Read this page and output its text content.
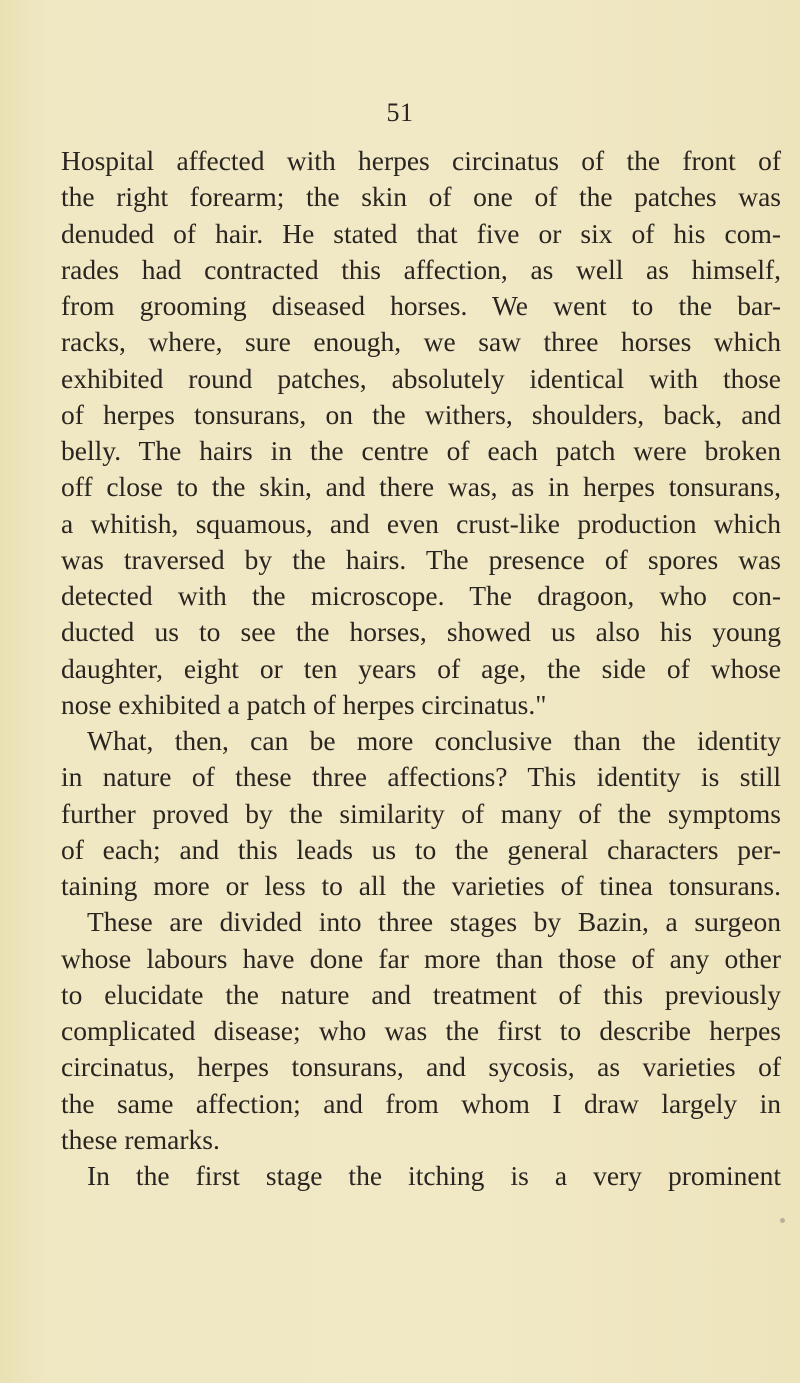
51
Hospital affected with herpes circinatus of the front of
the right forearm; the skin of one of the patches was
denuded of hair. He stated that five or six of his com-
rades had contracted this affection, as well as himself,
from grooming diseased horses. We went to the bar-
racks, where, sure enough, we saw three horses which
exhibited round patches, absolutely identical with those
of herpes tonsurans, on the withers, shoulders, back, and
belly. The hairs in the centre of each patch were broken
off close to the skin, and there was, as in herpes tonsurans,
a whitish, squamous, and even crust-like production which
was traversed by the hairs. The presence of spores was
detected with the microscope. The dragoon, who con-
ducted us to see the horses, showed us also his young
daughter, eight or ten years of age, the side of whose
nose exhibited a patch of herpes circinatus."
What, then, can be more conclusive than the identity
in nature of these three affections? This identity is still
further proved by the similarity of many of the symptoms
of each; and this leads us to the general characters per-
taining more or less to all the varieties of tinea tonsurans.
These are divided into three stages by Bazin, a surgeon
whose labours have done far more than those of any other
to elucidate the nature and treatment of this previously
complicated disease; who was the first to describe herpes
circinatus, herpes tonsurans, and sycosis, as varieties of
the same affection; and from whom I draw largely in
these remarks.
In the first stage the itching is a very prominent
